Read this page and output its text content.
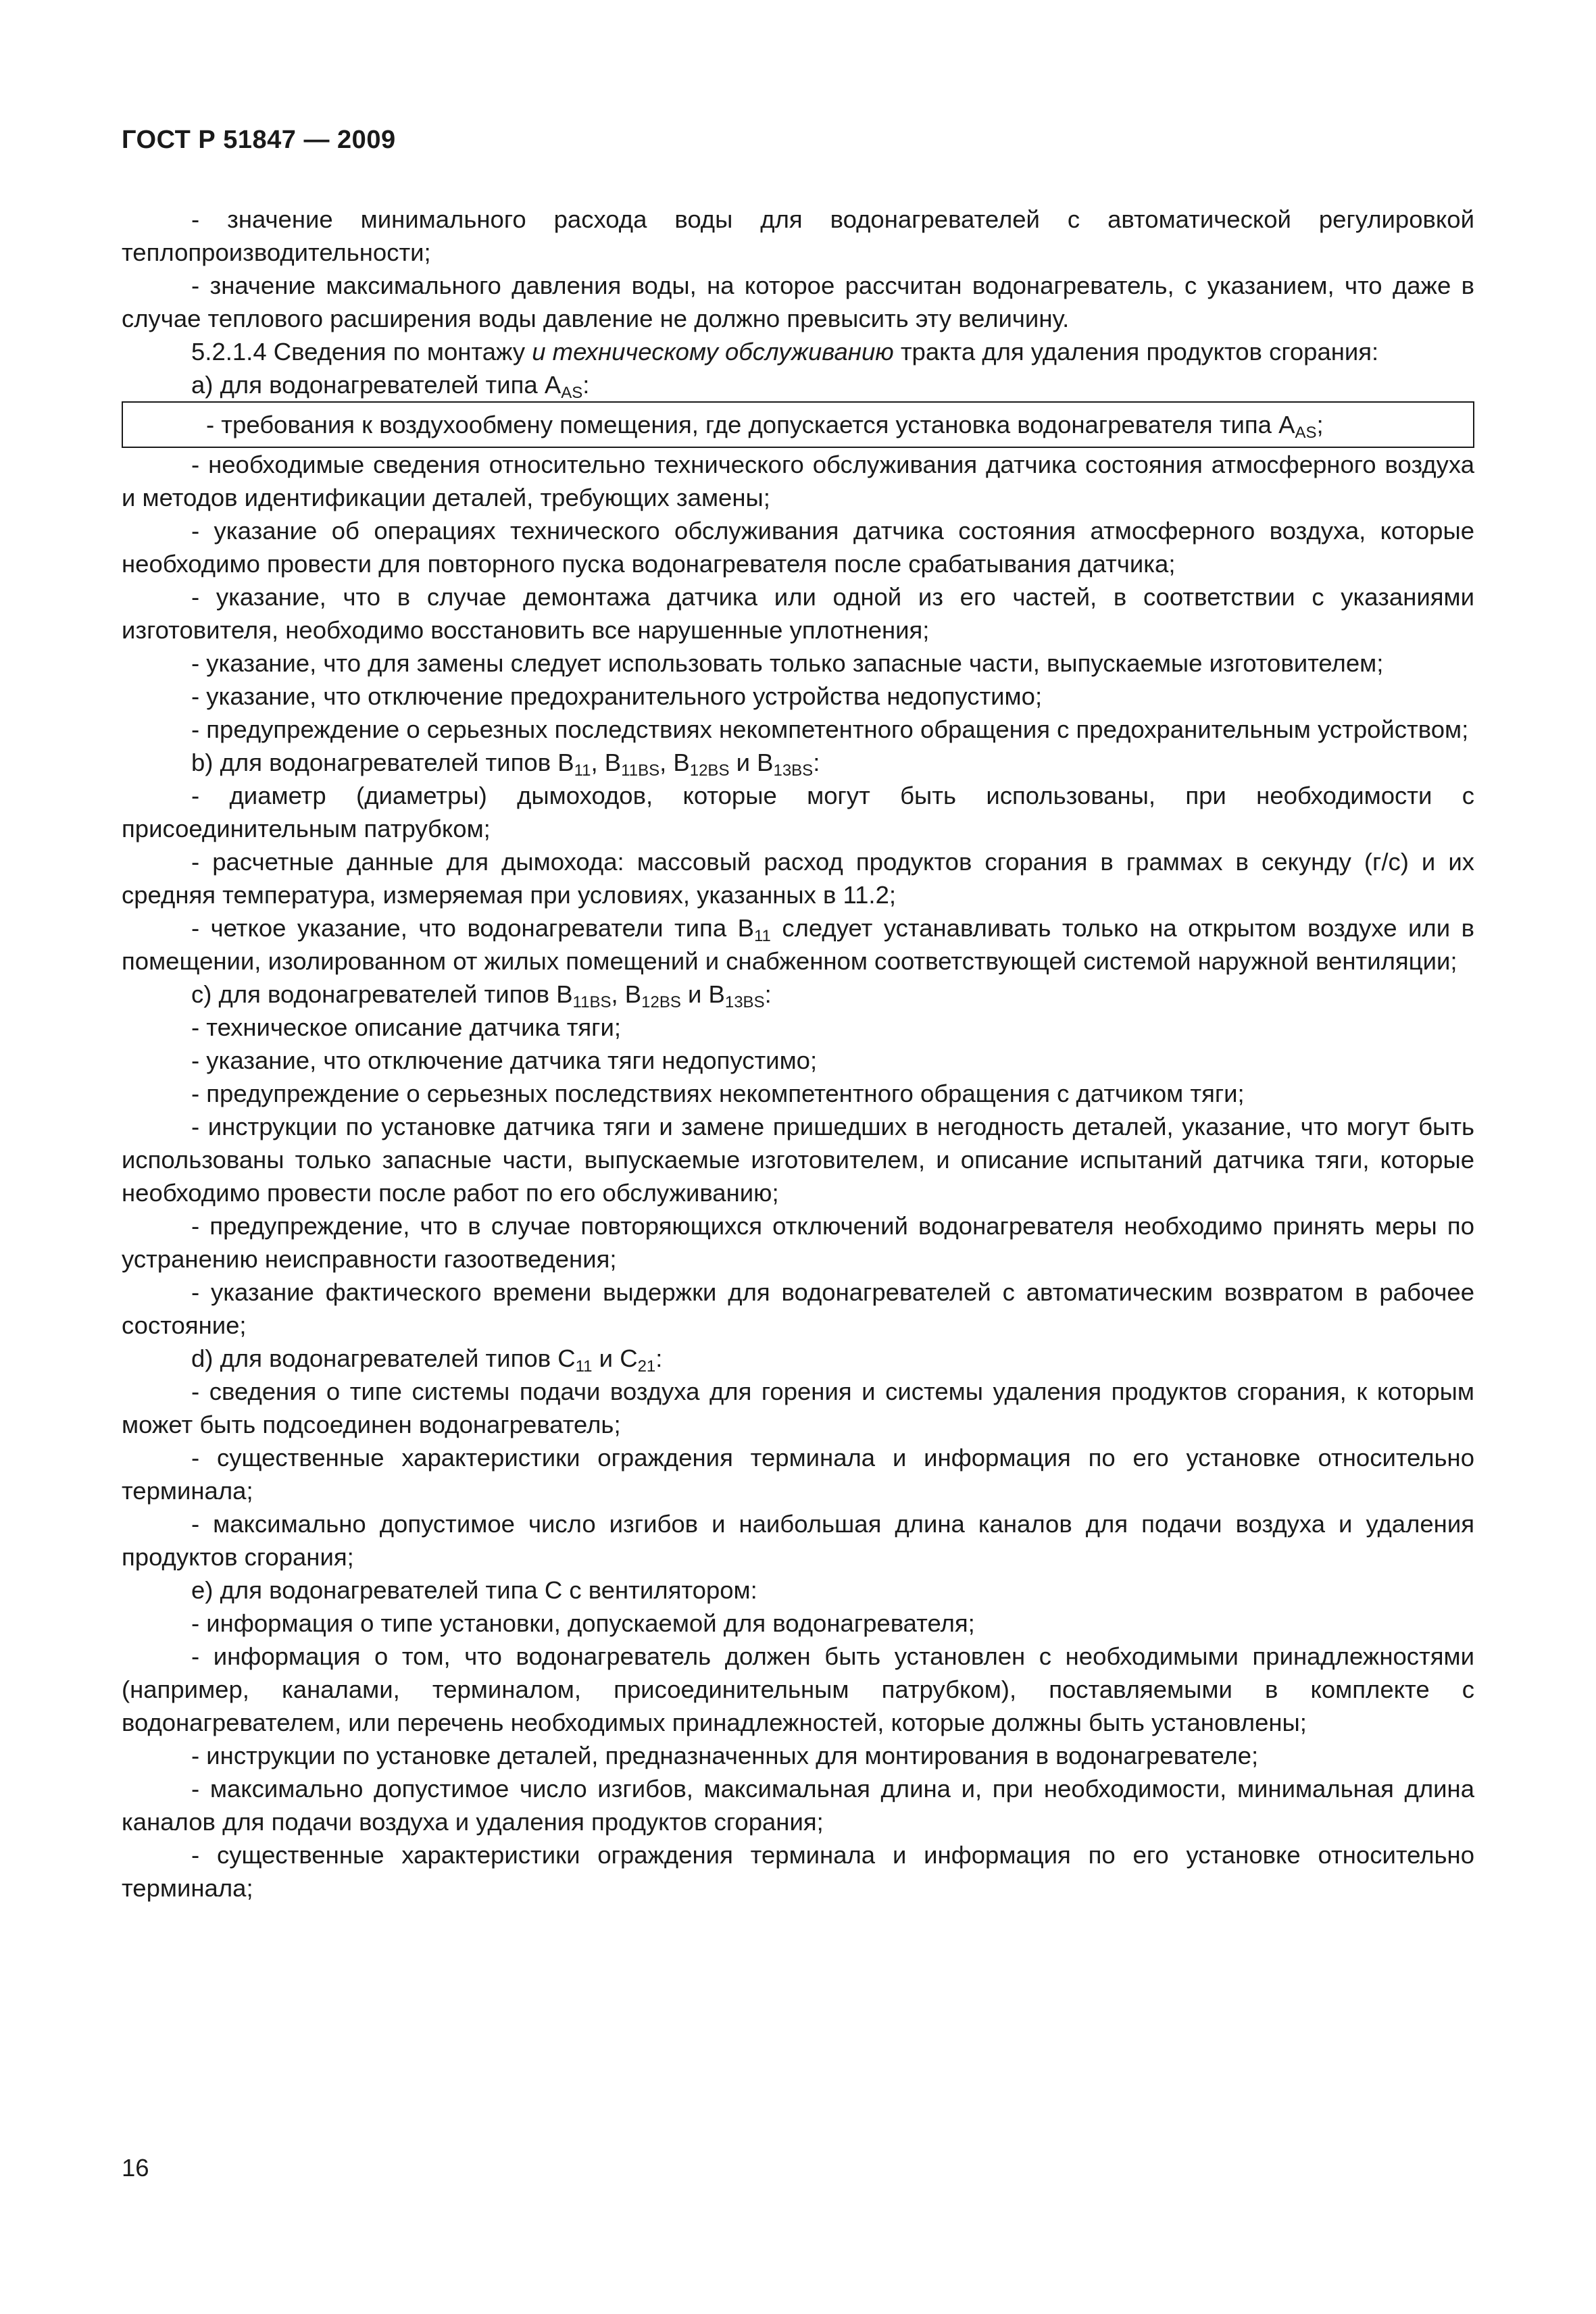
ГОСТ Р 51847 — 2009

- значение минимального расхода воды для водонагревателей с автоматической регулировкой теплопроизводительности;

- значение максимального давления воды, на которое рассчитан водонагреватель, с указанием, что даже в случае теплового расширения воды давление не должно превысить эту величину.

5.2.1.4 Сведения по монтажу и техническому обслуживанию тракта для удаления продуктов сгорания:

а) для водонагревателей типа $А_{AS}$:

- требования к воздухообмену помещения, где допускается установка водонагревателя типа $А_{AS}$;

- необходимые сведения относительно технического обслуживания датчика состояния атмосферного воздуха и методов идентификации деталей, требующих замены;

- указание об операциях технического обслуживания датчика состояния атмосферного воздуха, которые необходимо провести для повторного пуска водонагревателя после срабатывания датчика;

- указание, что в случае демонтажа датчика или одной из его частей, в соответствии с указаниями изготовителя, необходимо восстановить все нарушенные уплотнения;

- указание, что для замены следует использовать только запасные части, выпускаемые изготовителем;

- указание, что отключение предохранительного устройства недопустимо;

- предупреждение о серьезных последствиях некомпетентного обращения с предохранительным устройством;

b) для водонагревателей типов $В_{11}$, $В_{11BS}$, $В_{12BS}$ и $В_{13BS}$:

- диаметр (диаметры) дымоходов, которые могут быть использованы, при необходимости с присоединительным патрубком;

- расчетные данные для дымохода: массовый расход продуктов сгорания в граммах в секунду (г/с) и их средняя температура, измеряемая при условиях, указанных в 11.2;

- четкое указание, что водонагреватели типа $В_{11}$ следует устанавливать только на открытом воздухе или в помещении, изолированном от жилых помещений и снабженном соответствующей системой наружной вентиляции;

c) для водонагревателей типов $В_{11BS}$, $В_{12BS}$ и $В_{13BS}$:

- техническое описание датчика тяги;

- указание, что отключение датчика тяги недопустимо;

- предупреждение о серьезных последствиях некомпетентного обращения с датчиком тяги;

- инструкции по установке датчика тяги и замене пришедших в негодность деталей, указание, что могут быть использованы только запасные части, выпускаемые изготовителем, и описание испытаний датчика тяги, которые необходимо провести после работ по его обслуживанию;

- предупреждение, что в случае повторяющихся отключений водонагревателя необходимо принять меры по устранению неисправности газоотведения;

- указание фактического времени выдержки для водонагревателей с автоматическим возвратом в рабочее состояние;

d) для водонагревателей типов $С_{11}$ и $С_{21}$:

- сведения о типе системы подачи воздуха для горения и системы удаления продуктов сгорания, к которым может быть подсоединен водонагреватель;

- существенные характеристики ограждения терминала и информация по его установке относительно терминала;

- максимально допустимое число изгибов и наибольшая длина каналов для подачи воздуха и удаления продуктов сгорания;

е) для водонагревателей типа С с вентилятором:

- информация о типе установки, допускаемой для водонагревателя;

- информация о том, что водонагреватель должен быть установлен с необходимыми принадлежностями (например, каналами, терминалом, присоединительным патрубком), поставляемыми в комплекте с водонагревателем, или перечень необходимых принадлежностей, которые должны быть установлены;

- инструкции по установке деталей, предназначенных для монтирования в водонагревателе;

- максимально допустимое число изгибов, максимальная длина и, при необходимости, минимальная длина каналов для подачи воздуха и удаления продуктов сгорания;

- существенные характеристики ограждения терминала и информация по его установке относительно терминала;

16
